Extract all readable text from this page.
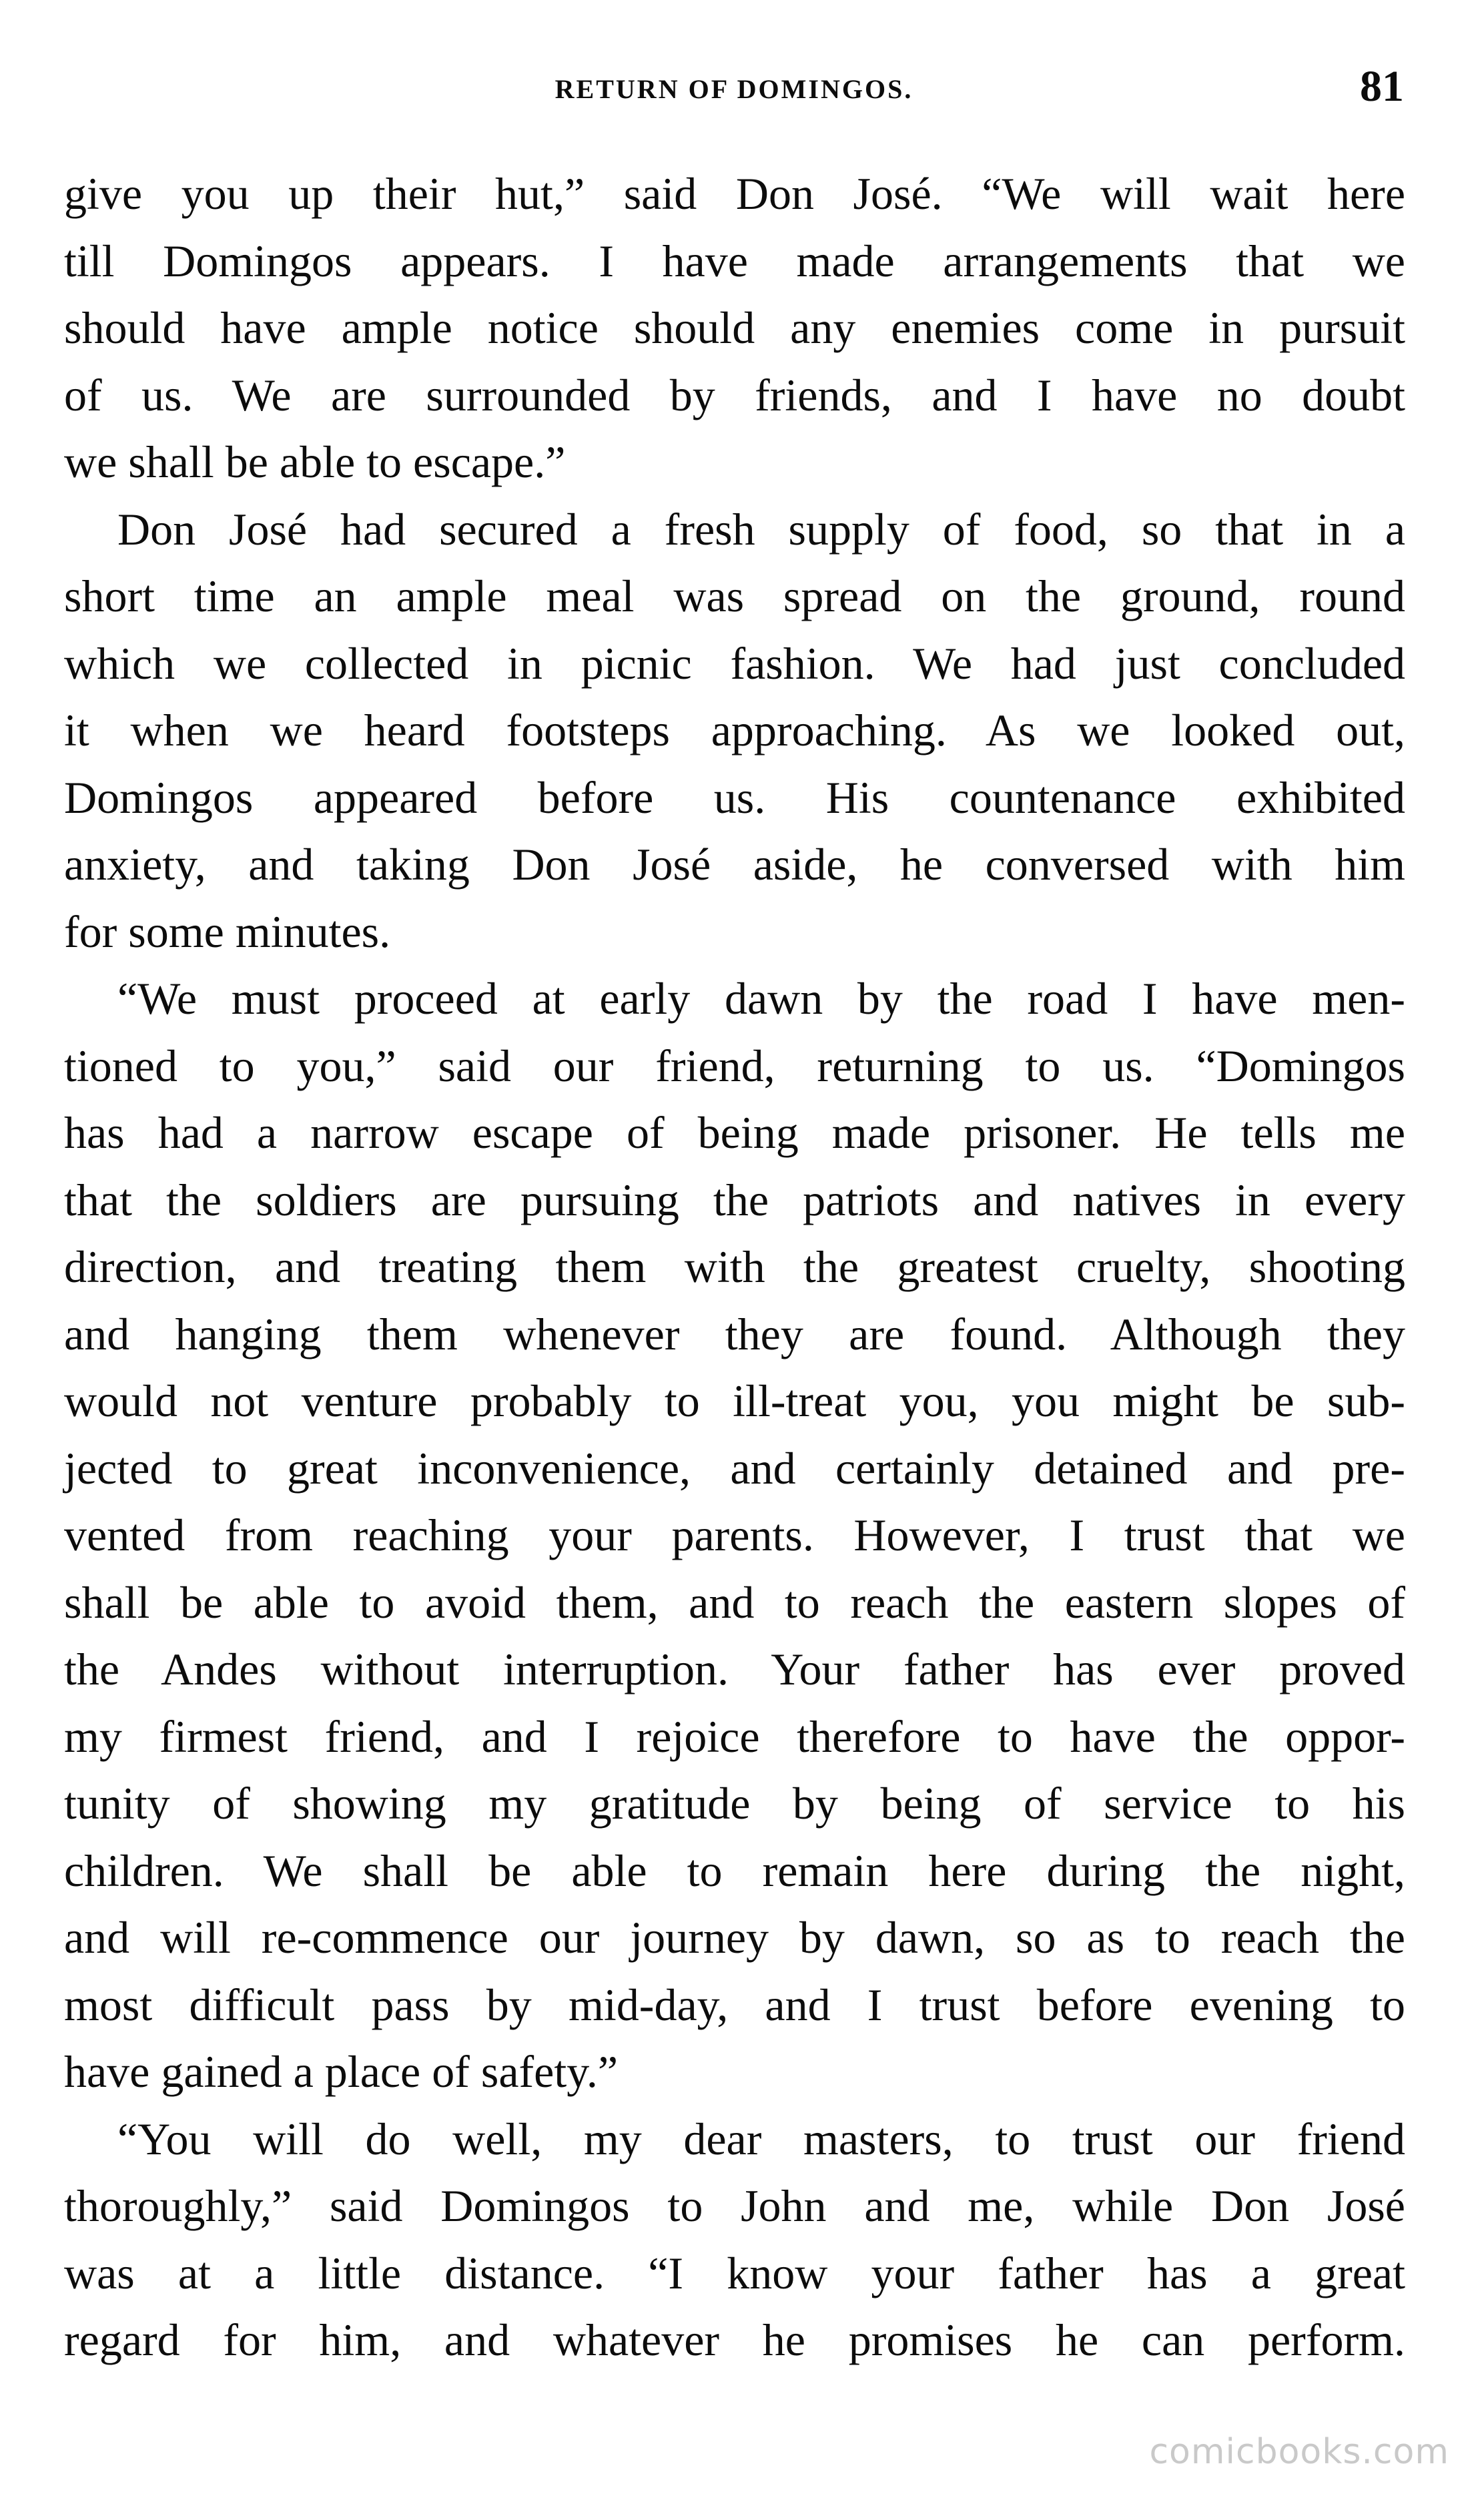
RETURN OF DOMINGOS.	81
give you up their hut,” said Don José. “We will wait here
till Domingos appears. I have made arrangements that we
should have ample notice should any enemies come in pursuit
of us. We are surrounded by friends, and I have no doubt
we shall be able to escape.”
Don José had secured a fresh supply of food, so that in a
short time an ample meal was spread on the ground, round
which we collected in picnic fashion. We had just concluded
it when we heard footsteps approaching. As we looked out,
Domingos appeared before us. His countenance exhibited
anxiety, and taking Don José aside, he conversed with him
for some minutes.
“We must proceed at early dawn by the road I have men-
tioned to you,” said our friend, returning to us. “Domingos
has had a narrow escape of being made prisoner. He tells me
that the soldiers are pursuing the patriots and natives in every
direction, and treating them with the greatest cruelty, shooting
and hanging them whenever they are found. Although they
would not venture probably to ill-treat you, you might be sub-
jected to great inconvenience, and certainly detained and pre-
vented from reaching your parents. However, I trust that we
shall be able to avoid them, and to reach the eastern slopes of
the Andes without interruption. Your father has ever proved
my firmest friend, and I rejoice therefore to have the oppor-
tunity of showing my gratitude by being of service to his
children. We shall be able to remain here during the night,
and will re-commence our journey by dawn, so as to reach the
most difficult pass by mid-day, and I trust before evening to
have gained a place of safety.”
“You will do well, my dear masters, to trust our friend
thoroughly,” said Domingos to John and me, while Don José
was at a little distance. “I know your father has a great
regard for him, and whatever he promises he can perform.
comicbooks.com
